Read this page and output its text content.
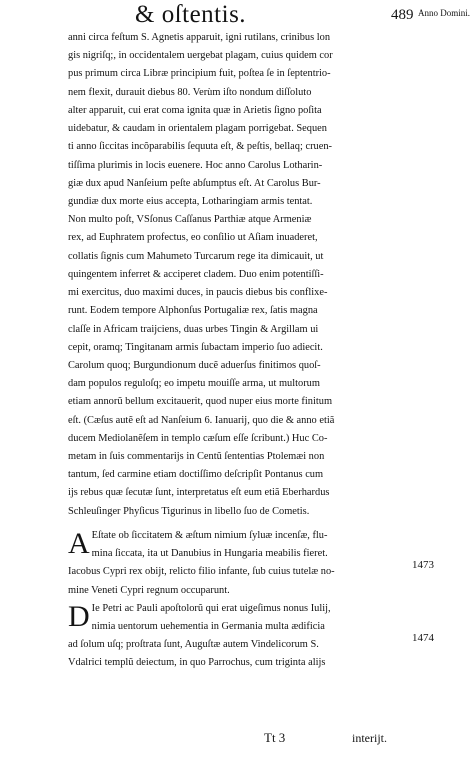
& oſtentis.	489 Anno Domini.
anni circa feſtum S. Agnetis apparuit, igni rutilans, crinibus lon
gis nigriſq;, in occidentalem uergebat plagam, cuius quidem cor
pus primum circa Libræ principium fuit, poſtea ſe in ſeptentrio-
nem flexit, durauit diebus 80. Verùm iſto nondum diſſoluto
alter apparuit, cui erat coma ignita quæ in Arietis ſigno poſita
uidebatur, & caudam in orientalem plagam porrigebat. Sequen
ti anno ſiccitas incõparabilis ſequuta eſt, & peſtis, bellaq; cruen-
tiſſima plurimis in locis euenere. Hoc anno Carolus Lotharin-
giæ dux apud Nanſeium peſte abſumptus eſt. At Carolus Bur-
gundiæ dux morte eius accepta, Lotharingiam armis tentat.
Non multo poſt, VSſonus Caſſanus Parthiæ atque Armeniæ
rex, ad Euphratem profectus, eo conſilio ut Aſiam inuaderet,
collatis ſignis cum Mahumeto Turcarum rege ita dimicauit, ut
quingentem inferret & acciperet cladem. Duo enim potentiſſi-
mi exercitus, duo maximi duces, in paucis diebus bis conflixe-
runt. Eodem tempore Alphonſus Portugaliæ rex, ſatis magna
claſſe in Africam traijciens, duas urbes Tingin & Argillam ui
cepit, oramq; Tingitanam armis ſubactam imperio ſuo adiecit.
Carolum quoq; Burgundionum ducẽ aduerſus finitimos quoſ-
dam populos reguloſq; eo impetu mouiſſe arma, ut multorum
etiam annorũ bellum excitauerit, quod nuper eius morte finitum
eſt. (Cæſus autẽ eſt ad Nanſeium 6. Ianuarij, quo die & anno etiã
ducem Mediolanẽſem in templo cæſum eſſe ſcribunt.) Huc Co-
metam in ſuis commentarijs in Centũ ſententias Ptolemæi non
tantum, ſed carmine etiam doctiſſimo deſcripſit Pontanus cum
ijs rebus quæ ſecutæ ſunt, interpretatus eſt eum etiã Eberhardus
Schleuſinger Phyſicus Tigurinus in libello ſuo de Cometis.
A Eſtate ob ſiccitatem & æſtum nimium ſyluæ incenſæ, flu-
mina ſiccata, ita ut Danubius in Hungaria meabilis fieret.
Iacobus Cypri rex obijt, relicto filio infante, ſub cuius tutelæ no-
mine Veneti Cypri regnum occuparunt.
D Ie Petri ac Pauli apoſtolorũ qui erat uigeſimus nonus Iulij,
nimia uentorum uehementia in Germania multa ædificia
ad ſolum uſq; proſtrata ſunt, Auguſtæ autem Vindelicorum S.
Vdalrici templũ deiectum, in quo Parrochus, cum triginta alijs
1473
1474
Tt 3	interijt.
